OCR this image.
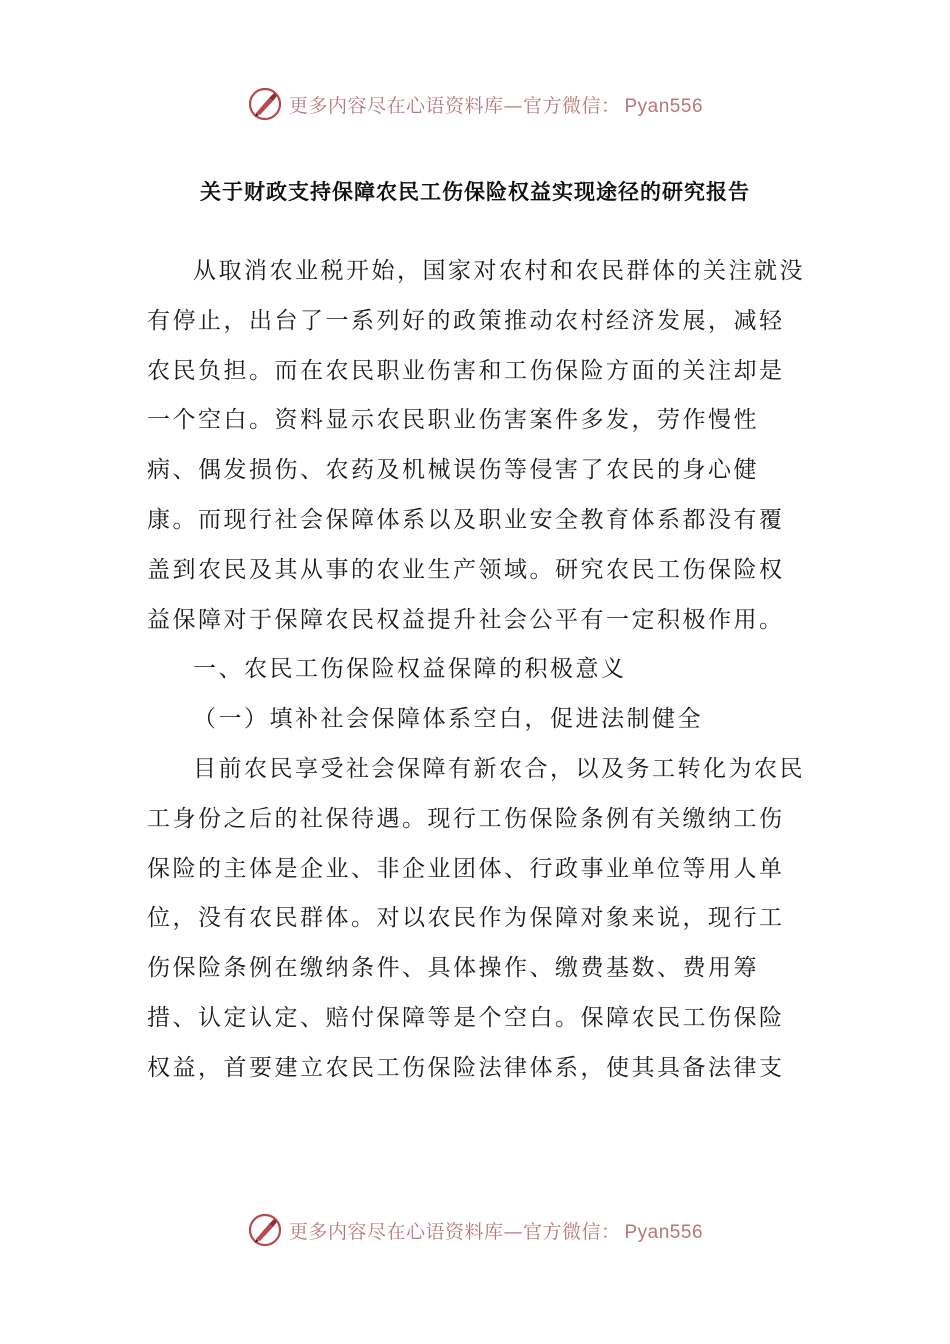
更多内容尽在心语资料库—官方微信： Pyan556
关于财政支持保障农民工伤保险权益实现途径的研究报告

从取消农业税开始，国家对农村和农民群体的关注就没有停止，出台了一系列好的政策推动农村经济发展，减轻农民负担。而在农民职业伤害和工伤保险方面的关注却是一个空白。资料显示农民职业伤害案件多发，劳作慢性病、偶发损伤、农药及机械误伤等侵害了农民的身心健康。而现行社会保障体系以及职业安全教育体系都没有覆盖到农民及其从事的农业生产领域。研究农民工伤保险权益保障对于保障农民权益提升社会公平有一定积极作用。

一、农民工伤保险权益保障的积极意义

（一）填补社会保障体系空白，促进法制健全

目前农民享受社会保障有新农合，以及务工转化为农民工身份之后的社保待遇。现行工伤保险条例有关缴纳工伤保险的主体是企业、非企业团体、行政事业单位等用人单位，没有农民群体。对以农民作为保障对象来说，现行工伤保险条例在缴纳条件、具体操作、缴费基数、费用筹措、认定认定、赔付保障等是个空白。保障农民工伤保险权益，首要建立农民工伤保险法律体系，使其具备法律支

更多内容尽在心语资料库—官方微信： Pyan556
